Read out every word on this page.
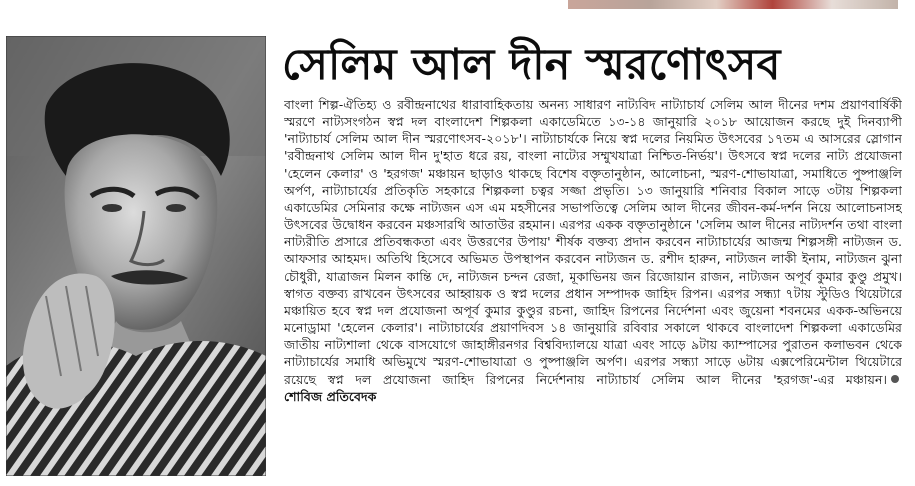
সেলিম আল দীন স্মরণোৎসব
বাংলা শিল্প-ঐতিহ্য ও রবীন্দ্রনাথের ধারাবাহিকতায় অনন্য সাধারণ নাট্যবিদ নাট্যাচার্য সেলিম আল দীনের দশম প্রয়াণবার্ষিকী স্মরণে নাট্যসংগঠন স্বপ্ন দল বাংলাদেশ শিল্পকলা একাডেমিতে ১৩-১৪ জানুয়ারি ২০১৮ আয়োজন করছে দুই দিনব্যাপী 'নাট্যাচার্য সেলিম আল দীন স্মরণোৎসব-২০১৮'। নাট্যাচার্যকে নিয়ে স্বপ্ন দলের নিয়মিত উৎসবের ১৭তম এ আসরের স্লোগান 'রবীন্দ্রনাথ সেলিম আল দীন দু'হাত ধরে রয়, বাংলা নাট্যের সম্মুখযাত্রা নিশ্চিত-নির্ভয়'। উৎসবে স্বপ্ন দলের নাট্য প্রযোজনা 'হেলেন কেলার' ও 'হরগজ' মঞ্চায়ন ছাড়াও থাকছে বিশেষ বক্তৃতানুষ্ঠান, আলোচনা, স্মরণ-শোভাযাত্রা, সমাধিতে পুষ্পাঞ্জলি অর্পণ, নাট্যাচার্যের প্রতিকৃতি সহকারে শিল্পকলা চত্বর সজ্জা প্রভৃতি। ১৩ জানুয়ারি শনিবার বিকাল সাড়ে ৩টায় শিল্পকলা একাডেমির সেমিনার কক্ষে নাট্যজন এস এম মহসীনের সভাপতিত্বে সেলিম আল দীনের জীবন-কর্ম-দর্শন নিয়ে আলোচনাসহ উৎসবের উদ্বোধন করবেন মঞ্চসারথি আতাউর রহমান। এরপর একক বক্তৃতানুষ্ঠানে 'সেলিম আল দীনের নাট্যদর্শন তথা বাংলা নাট্যরীতি প্রসারে প্রতিবন্ধকতা এবং উত্তরণের উপায়' শীর্ষক বক্তব্য প্রদান করবেন নাট্যাচার্যের আজন্ম শিল্পসঙ্গী নাট্যজন ড. আফসার আহমদ। অতিথি হিসেবে অভিমত উপস্থাপন করবেন নাট্যজন ড. রশীদ হারুন, নাট্যজন লাকী ইনাম, নাট্যজন ঝুনা চৌধুরী, যাত্রাজন মিলন কান্তি দে, নাট্যজন চন্দন রেজা, মূকাভিনয় জন রিজোয়ান রাজন, নাট্যজন অপূর্ব কুমার কুণ্ডু প্রমুখ। স্বাগত বক্তব্য রাখবেন উৎসবের আহ্বায়ক ও স্বপ্ন দলের প্রধান সম্পাদক জাহিদ রিপন। এরপর সন্ধ্যা ৭টায় স্টুডিও থিয়েটারে মঞ্চায়িত হবে স্বপ্ন দল প্রযোজনা অপূর্ব কুমার কুণ্ডুর রচনা, জাহিদ রিপনের নির্দেশনা এবং জুয়েনা শবনমের একক-অভিনয়ে মনোড্রামা 'হেলেন কেলার'। নাট্যাচার্যের প্রয়াণদিবস ১৪ জানুয়ারি রবিবার সকালে থাকবে বাংলাদেশ শিল্পকলা একাডেমির জাতীয় নাট্যশালা থেকে বাসযোগে জাহাঙ্গীরনগর বিশ্ববিদ্যালয়ে যাত্রা এবং সাড়ে ৯টায় ক্যাম্পাসের পুরাতন কলাভবন থেকে নাট্যাচার্যের সমাধি অভিমুখে স্মরণ-শোভাযাত্রা ও পুষ্পাঞ্জলি অর্পণ। এরপর সন্ধ্যা সাড়ে ৬টায় এক্সপেরিমেন্টাল থিয়েটারে রয়েছে স্বপ্ন দল প্রযোজনা জাহিদ রিপনের নির্দেশনায় নাট্যাচার্য সেলিম আল দীনের 'হরগজ'-এর মঞ্চায়ন।শোবিজ প্রতিবেদক
